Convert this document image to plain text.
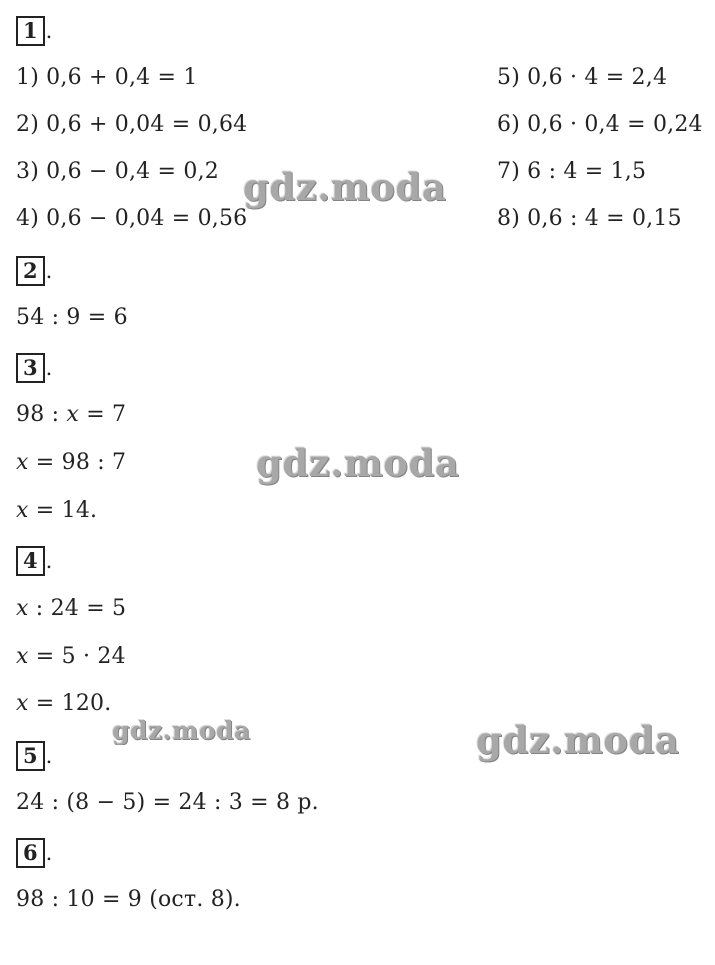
1 .
1) 0,6 + 0,4 = 1
2) 0,6 + 0,04 = 0,64
3) 0,6 − 0,4 = 0,2
4) 0,6 − 0,04 = 0,56
5) 0,6 · 4 = 2,4
6) 0,6 · 0,4 = 0,24
7) 6 : 4 = 1,5
8) 0,6 : 4 = 0,15
2 .
54 : 9 = 6
3 .
98 : x = 7
x = 98 : 7
x = 14.
4 .
x : 24 = 5
x = 5 · 24
x = 120.
5 .
24 : (8 − 5) = 24 : 3 = 8 р.
6 .
98 : 10 = 9 (ост. 8).
gdz.moda
gdz.moda
gdz.moda	gdz.moda
